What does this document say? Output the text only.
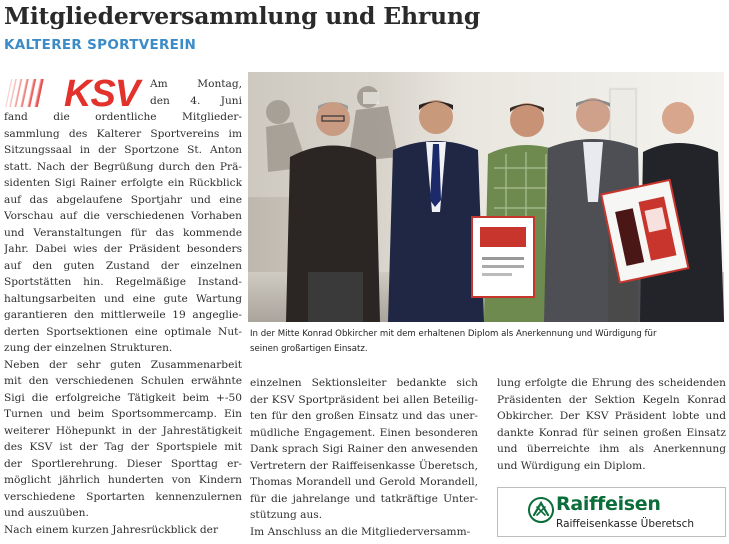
Mitgliederversammlung und Ehrung
KALTERER SPORTVEREIN
KSV	Am Montag,
den 4. Juni
fand die ordentliche Mitglieder-
sammlung des Kalterer Sportvereins im
Sitzungssaal in der Sportzone St. Anton
statt. Nach der Begrüßung durch den Prä-
sidenten Sigi Rainer erfolgte ein Rückblick
auf das abgelaufene Sportjahr und eine
Vorschau auf die verschiedenen Vorhaben
und Veranstaltungen für das kommende
Jahr. Dabei wies der Präsident besonders
auf den guten Zustand der einzelnen
Sportstätten hin. Regelmäßige Instand-
haltungsarbeiten und eine gute Wartung
garantieren den mittlerweile 19 angeglie-
derten Sportsektionen eine optimale Nut-
zung der einzelnen Strukturen.
Neben der sehr guten Zusammenarbeit
mit den verschiedenen Schulen erwähnte
Sigi die erfolgreiche Tätigkeit beim +-50
Turnen und beim Sportsommercamp. Ein
weiterer Höhepunkt in der Jahrestätigkeit
des KSV ist der Tag der Sportspiele mit
der Sportlerehrung. Dieser Sporttag er-
möglicht jährlich hunderten von Kindern
verschiedene Sportarten kennenzulernen
und auszuüben.
Nach einem kurzen Jahresrückblick der
einzelnen Sektionsleiter bedankte sich
der KSV Sportpräsident bei allen Beteilig-
ten für den großen Einsatz und das uner-
müdliche Engagement. Einen besonderen
Dank sprach Sigi Rainer den anwesenden
Vertretern der Raiffeisenkasse Überetsch,
Thomas Morandell und Gerold Morandell,
für die jahrelange und tatkräftige Unter-
stützung aus.
Im Anschluss an die Mitgliederversamm-
lung erfolgte die Ehrung des scheidenden
Präsidenten der Sektion Kegeln Konrad
Obkircher. Der KSV Präsident lobte und
dankte Konrad für seinen großen Einsatz
und überreichte ihm als Anerkennung
und Würdigung ein Diplom.
In der Mitte Konrad Obkircher mit dem erhaltenen Diplom als Anerkennung und Würdigung für
seinen großartigen Einsatz.
Raiffeisen
Raiffeisenkasse Überetsch
